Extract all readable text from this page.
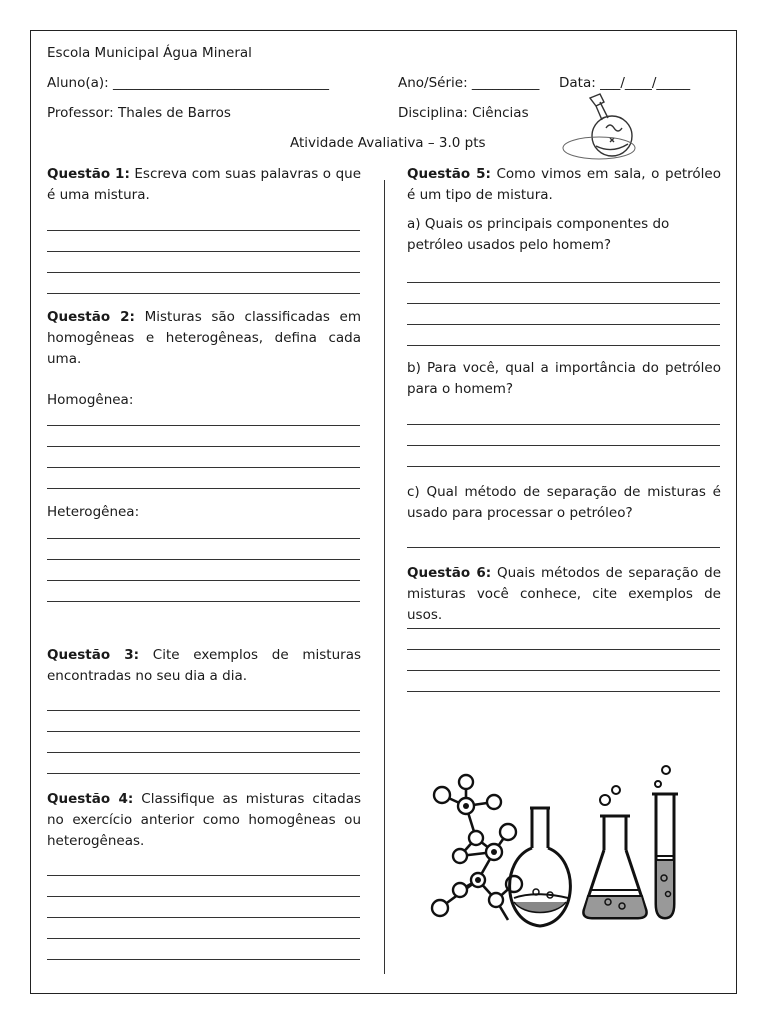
Escola Municipal Água Mineral
Aluno(a): ________________________________	Ano/Série: __________ Data: ___/____/_____
Professor: Thales de Barros	Disciplina: Ciências
Atividade Avaliativa – 3.0 pts
Questão 1: Escreva com suas palavras o que é uma mistura.
Questão 2: Misturas são classificadas em homogêneas e heterogêneas, defina cada uma.
Homogênea:
Heterogênea:
Questão 3: Cite exemplos de misturas encontradas no seu dia a dia.
Questão 4: Classifique as misturas citadas no exercício anterior como homogêneas ou heterogêneas.
Questão 5: Como vimos em sala, o petróleo é um tipo de mistura.
a) Quais os principais componentes do petróleo usados pelo homem?
b) Para você, qual a importância do petróleo para o homem?
c) Qual método de separação de misturas é usado para processar o petróleo?
Questão 6: Quais métodos de separação de misturas você conhece, cite exemplos de usos.
